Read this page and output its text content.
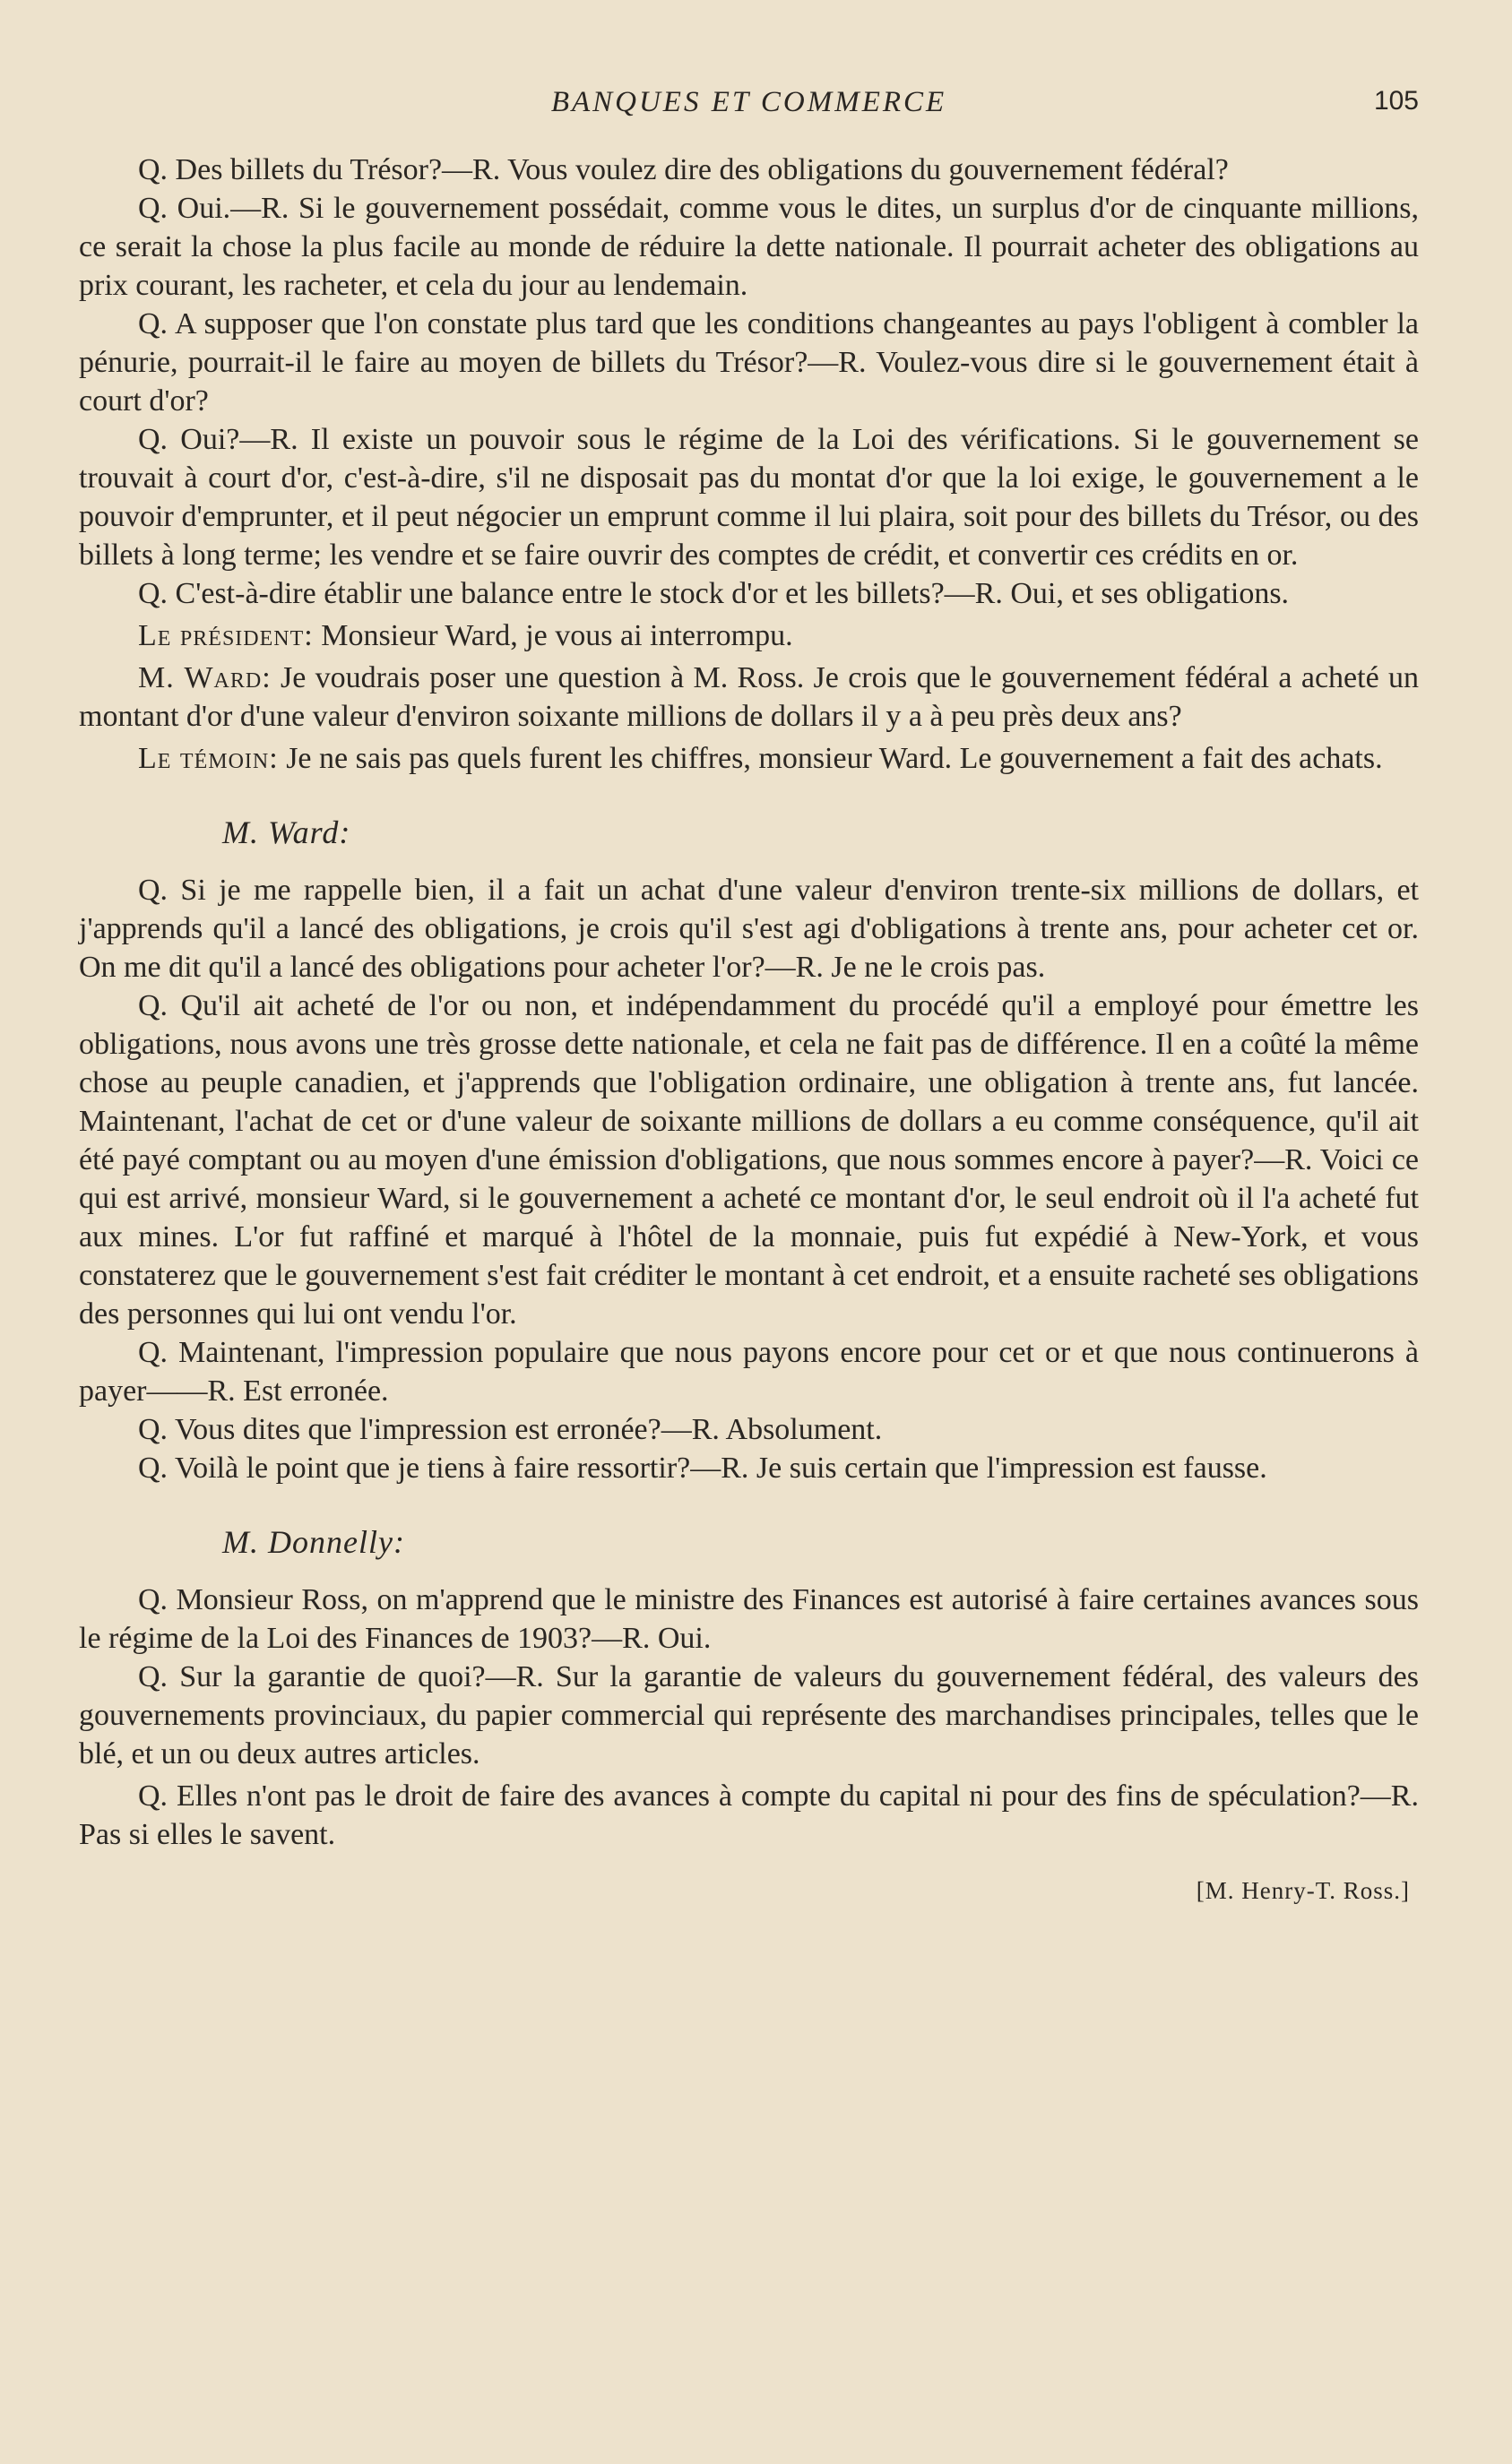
BANQUES ET COMMERCE	105

Q. Des billets du Trésor?—R. Vous voulez dire des obligations du gouvernement fédéral?

Q. Oui.—R. Si le gouvernement possédait, comme vous le dites, un surplus d'or de cinquante millions, ce serait la chose la plus facile au monde de réduire la dette nationale. Il pourrait acheter des obligations au prix courant, les racheter, et cela du jour au lendemain.

Q. A supposer que l'on constate plus tard que les conditions changeantes au pays l'obligent à combler la pénurie, pourrait-il le faire au moyen de billets du Trésor?—R. Voulez-vous dire si le gouvernement était à court d'or?

Q. Oui?—R. Il existe un pouvoir sous le régime de la Loi des vérifications. Si le gouvernement se trouvait à court d'or, c'est-à-dire, s'il ne disposait pas du montat d'or que la loi exige, le gouvernement a le pouvoir d'emprunter, et il peut négocier un emprunt comme il lui plaira, soit pour des billets du Trésor, ou des billets à long terme; les vendre et se faire ouvrir des comptes de crédit, et convertir ces crédits en or.

Q. C'est-à-dire établir une balance entre le stock d'or et les billets?—R. Oui, et ses obligations.

Le président: Monsieur Ward, je vous ai interrompu.

M. Ward: Je voudrais poser une question à M. Ross. Je crois que le gouvernement fédéral a acheté un montant d'or d'une valeur d'environ soixante millions de dollars il y a à peu près deux ans?

Le témoin: Je ne sais pas quels furent les chiffres, monsieur Ward. Le gouvernement a fait des achats.

M. Ward:

Q. Si je me rappelle bien, il a fait un achat d'une valeur d'environ trente-six millions de dollars, et j'apprends qu'il a lancé des obligations, je crois qu'il s'est agi d'obligations à trente ans, pour acheter cet or. On me dit qu'il a lancé des obligations pour acheter l'or?—R. Je ne le crois pas.

Q. Qu'il ait acheté de l'or ou non, et indépendamment du procédé qu'il a employé pour émettre les obligations, nous avons une très grosse dette nationale, et cela ne fait pas de différence. Il en a coûté la même chose au peuple canadien, et j'apprends que l'obligation ordinaire, une obligation à trente ans, fut lancée. Maintenant, l'achat de cet or d'une valeur de soixante millions de dollars a eu comme conséquence, qu'il ait été payé comptant ou au moyen d'une émission d'obligations, que nous sommes encore à payer?—R. Voici ce qui est arrivé, monsieur Ward, si le gouvernement a acheté ce montant d'or, le seul endroit où il l'a acheté fut aux mines. L'or fut raffiné et marqué à l'hôtel de la monnaie, puis fut expédié à New-York, et vous constaterez que le gouvernement s'est fait créditer le montant à cet endroit, et a ensuite racheté ses obligations des personnes qui lui ont vendu l'or.

Q. Maintenant, l'impression populaire que nous payons encore pour cet or et que nous continuerons à payer——R. Est erronée.

Q. Vous dites que l'impression est erronée?—R. Absolument.

Q. Voilà le point que je tiens à faire ressortir?—R. Je suis certain que l'impression est fausse.

M. Donnelly:

Q. Monsieur Ross, on m'apprend que le ministre des Finances est autorisé à faire certaines avances sous le régime de la Loi des Finances de 1903?—R. Oui.

Q. Sur la garantie de quoi?—R. Sur la garantie de valeurs du gouvernement fédéral, des valeurs des gouvernements provinciaux, du papier commercial qui représente des marchandises principales, telles que le blé, et un ou deux autres articles.

Q. Elles n'ont pas le droit de faire des avances à compte du capital ni pour des fins de spéculation?—R. Pas si elles le savent.

[M. Henry-T. Ross.]
